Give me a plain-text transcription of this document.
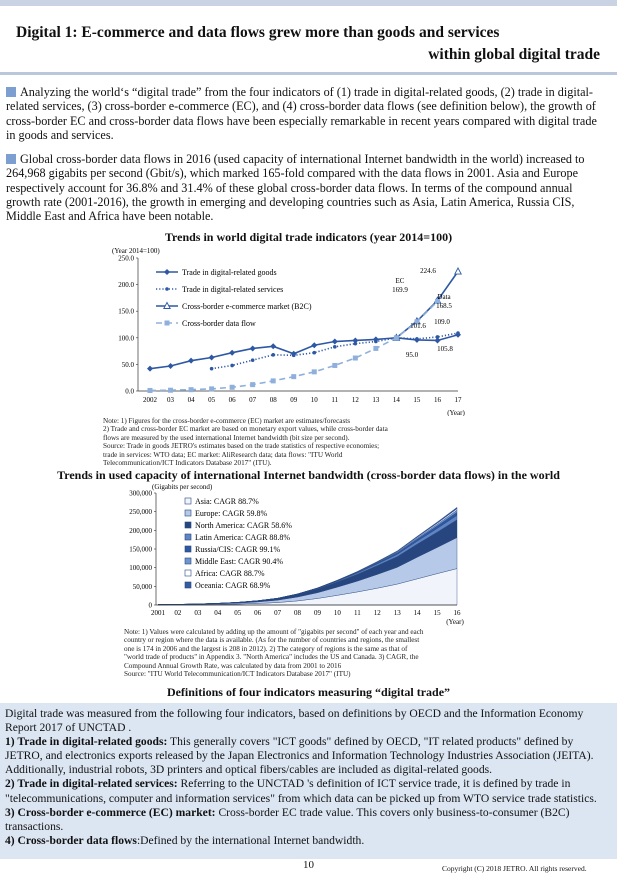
Digital 1: E-commerce and data flows grew more than goods and services
within global digital trade
Analyzing the world‘s “digital trade” from the four indicators of (1) trade in digital-related goods, (2) trade in digital-related services, (3) cross-border e-commerce (EC), and (4) cross-border data flows (see definition below), the growth of cross-border EC and cross-border data flows have been especially remarkable in recent years compared with digital trade in goods and services.
Global cross-border data flows in 2016 (used capacity of international Internet bandwidth in the world) increased to 264,968 gigabits per second (Gbit/s), which marked 165-fold compared with the data flows in 2001. Asia and Europe respectively account for 36.8% and 31.4% of these global cross-border data flows. In terms of the compound annual growth rate (2001-2016), the growth in emerging and developing countries such as Asia, Latin America, Russia CIS, Middle East and Africa have been notable.
Trends in world digital trade indicators (year 2014=100)
(Year 2014=100)
0.0
50.0
100.0
150.0
200.0
250.0
2002 03 04 05 06 07 08 09 10 11 12 13 14 15 16 17
(Year)
Trade in digital-related goods
Trade in digital-related services
Cross-border e-commerce market (B2C)
Cross-border data flow
EC
169.9
224.6
Data
168.5
109.0
101.6
95.0
105.8
Note: 1) Figures for the cross-border e-commerce (EC) market are estimates/forecasts
2) Trade and cross-border EC market are based on monetary export values, while cross-border data
flows are measured by the used international Internet bandwidth (bit size per second).
Source: Trade in goods JETRO's estimates based on the trade statistics of respective economies;
trade in services: WTO data; EC market: AliResearch data; data flows: "ITU World
Telecommunication/ICT Indicators Database 2017" (ITU).
Trends in used capacity of international Internet bandwidth (cross-border data flows) in the world
0
50,000
100,000
150,000
200,000
250,000
300,000
(Gigabits per second)
2001 02 03 04 05 06 07 08 09 10 11 12 13 14 15 16
(Year)
Asia: CAGR 88.7%
Europe: CAGR 59.8%
North America: CAGR 58.6%
Latin America: CAGR 88.8%
Russia/CIS: CAGR 99.1%
Middle East: CAGR 90.4%
Africa: CAGR 88.7%
Oceania: CAGR 68.9%
Note: 1) Values were calculated by adding up the amount of "gigabits per second" of each year and each
country or region where the data is available. (As for the number of countries and regions, the smallest
one is 174 in 2006 and the largest is 208 in 2012). 2) The category of regions is the same as that of
"world trade of products" in Appendix 3. "North America" includes the US and Canada. 3) CAGR, the
Compound Annual Growth Rate, was calculated by data from 2001 to 2016
Source: "ITU World Telecommunication/ICT Indicators Database 2017" (ITU)
Definitions of four indicators measuring “digital trade”
Digital trade was measured from the following four indicators, based on definitions by OECD and the Information Economy Report 2017 of UNCTAD .
1) Trade in digital-related goods: This generally covers "ICT goods" defined by OECD, "IT related products" defined by JETRO, and electronics exports released by the Japan Electronics and Information Technology Industries Association (JEITA). Additionally, industrial robots, 3D printers and optical fibers/cables are included as digital-related goods.
2) Trade in digital-related services: Referring to the UNCTAD 's definition of ICT service trade, it is defined by trade in "telecommunications, computer and information services" from which data can be picked up from WTO service trade statistics.
3) Cross-border e-commerce (EC) market: Cross-border EC trade value. This covers only business-to-consumer (B2C) transactions.
4) Cross-border data flows:Defined by the international Internet bandwidth.
10	Copyright (C) 2018 JETRO. All rights reserved.
